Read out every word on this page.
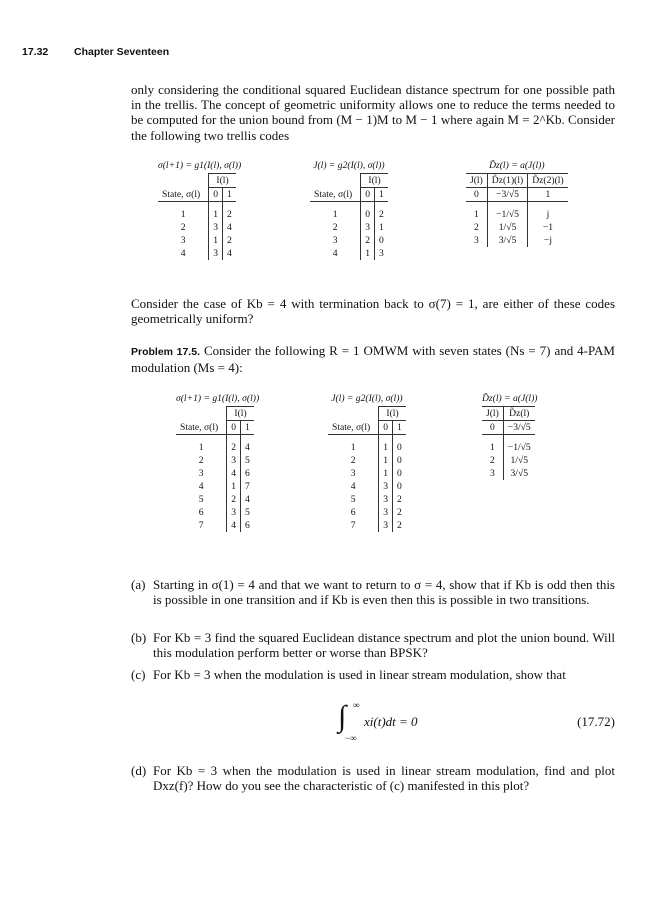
17.32 Chapter Seventeen
only considering the conditional squared Euclidean distance spectrum for one possible path in the trellis. The concept of geometric uniformity allows one to reduce the terms needed to be computed for the union bound from (M − 1)M to M − 1 where again M = 2^Kb. Consider the following two trellis codes
σ(l+1) = g1(I(l), σ(l))
	I(l)	
State, σ(l)	0	1

1	1	2
2	3	4
3	1	2
4	3	4
J(l) = g2(I(l), σ(l))
	I(l)	
State, σ(l)	0	1

1	0	2
2	3	1
3	2	0
4	1	3
D̃z(l) = a(J(l))
J(l)	D̃z(1)(l)	D̃z(2)(l)
0	−3/√5	1

1	−1/√5	j
2	1/√5	−1
3	3/√5	−j
Consider the case of Kb = 4 with termination back to σ(7) = 1, are either of these codes geometrically uniform?
Problem 17.5. Consider the following R = 1 OMWM with seven states (Ns = 7) and 4-PAM modulation (Ms = 4):
σ(l+1) = g1(I(l), σ(l))
	I(l)	
State, σ(l)	0	1

1	2	4
2	3	5
3	4	6
4	1	7
5	2	4
6	3	5
7	4	6
J(l) = g2(I(l), σ(l))
	I(l)	
State, σ(l)	0	1

1	1	0
2	1	0
3	1	0
4	3	0
5	3	2
6	3	2
7	3	2
D̃z(l) = a(J(l))
J(l)	D̃z(l)
0	−3/√5

1	−1/√5
2	1/√5
3	3/√5
(a) Starting in σ(1) = 4 and that we want to return to σ = 4, show that if Kb is odd then this is possible in one transition and if Kb is even then this is possible in two transitions.
(b) For Kb = 3 find the squared Euclidean distance spectrum and plot the union bound. Will this modulation perform better or worse than BPSK?
(c) For Kb = 3 when the modulation is used in linear stream modulation, show that
∫ ∞
−∞
xi(t)dt = 0	(17.72)
(d) For Kb = 3 when the modulation is used in linear stream modulation, find and plot Dxz(f)? How do you see the characteristic of (c) manifested in this plot?
